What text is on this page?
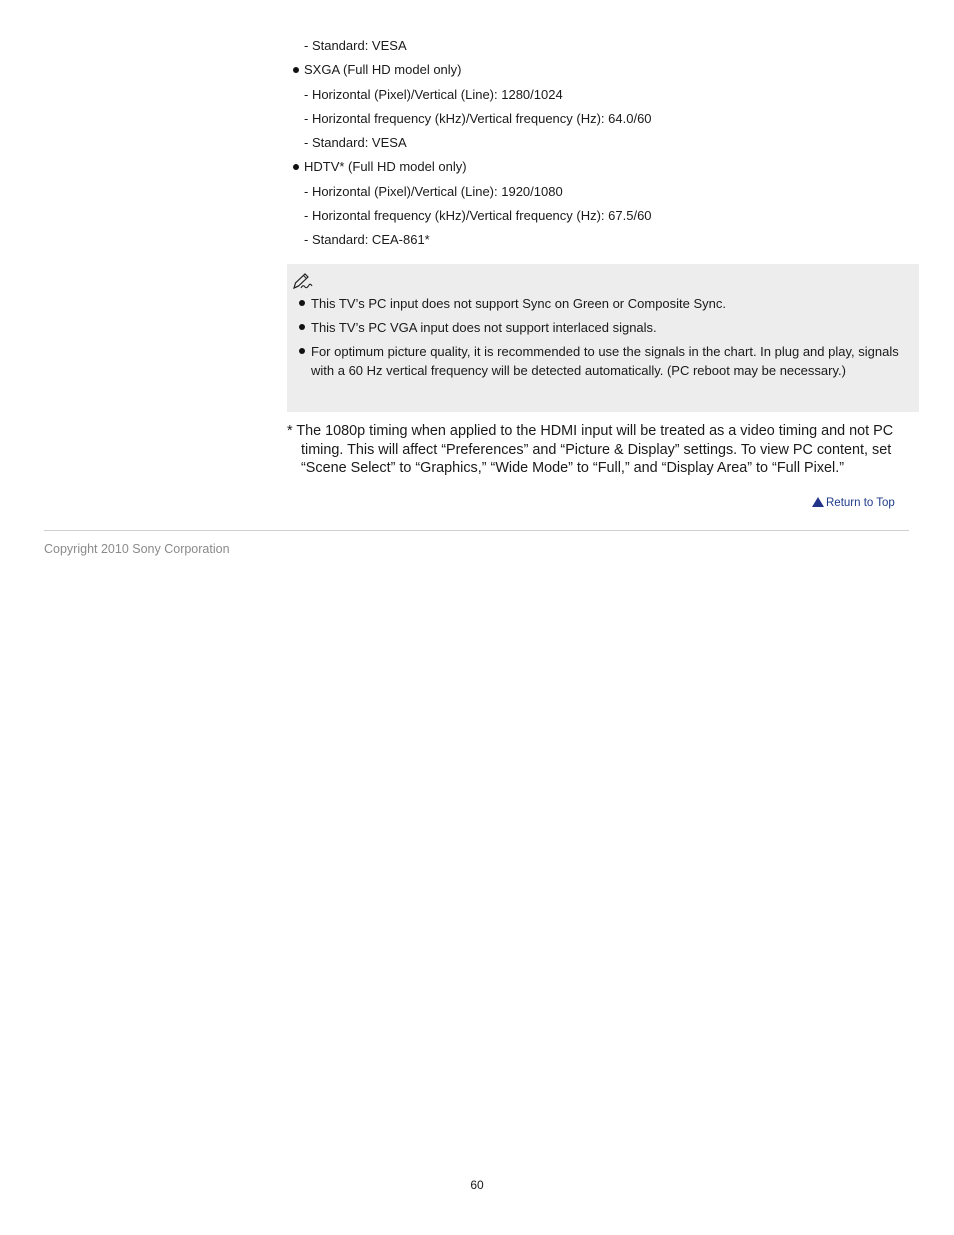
- Standard: VESA
SXGA (Full HD model only)
- Horizontal (Pixel)/Vertical (Line): 1280/1024
- Horizontal frequency (kHz)/Vertical frequency (Hz): 64.0/60
- Standard: VESA
HDTV* (Full HD model only)
- Horizontal (Pixel)/Vertical (Line): 1920/1080
- Horizontal frequency (kHz)/Vertical frequency (Hz): 67.5/60
- Standard: CEA-861*
This TV’s PC input does not support Sync on Green or Composite Sync.
This TV’s PC VGA input does not support interlaced signals.
For optimum picture quality, it is recommended to use the signals in the chart. In plug and play, signals with a 60 Hz vertical frequency will be detected automatically. (PC reboot may be necessary.)
* The 1080p timing when applied to the HDMI input will be treated as a video timing and not PC timing. This will affect “Preferences” and “Picture & Display” settings. To view PC content, set “Scene Select” to “Graphics,” “Wide Mode” to “Full,” and “Display Area” to “Full Pixel.”
Return to Top
Copyright 2010 Sony Corporation
60
